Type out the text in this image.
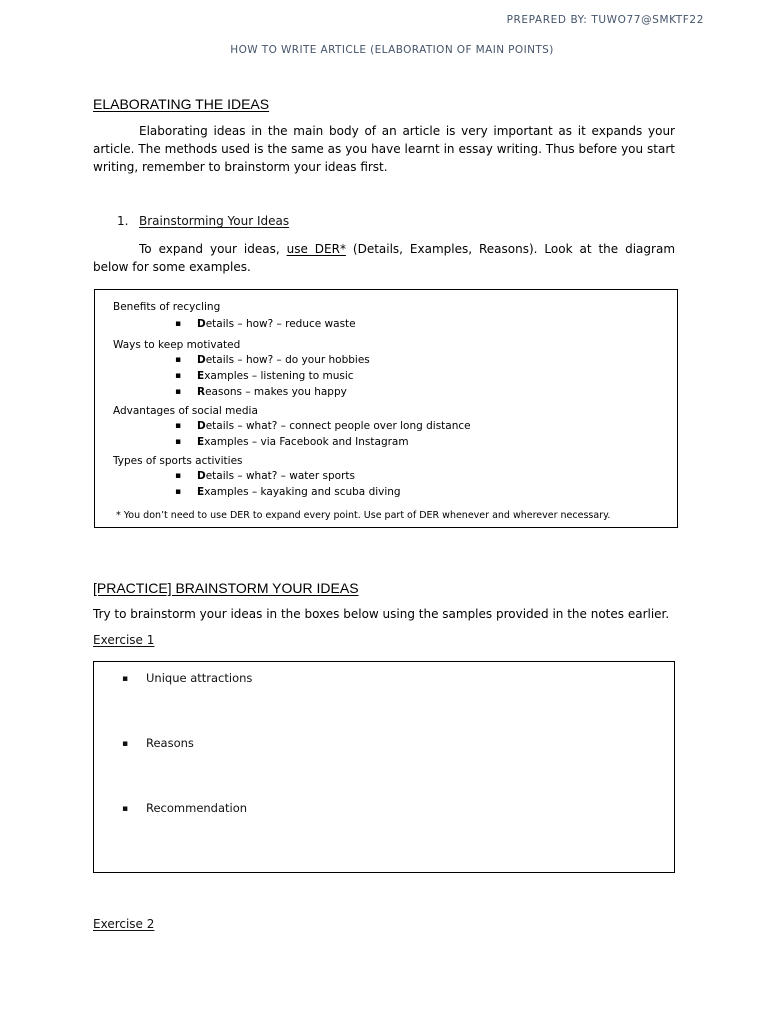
PREPARED BY: TUWO77@SMKTF22
HOW TO WRITE ARTICLE (ELABORATION OF MAIN POINTS)
ELABORATING THE IDEAS
Elaborating ideas in the main body of an article is very important as it expands your article. The methods used is the same as you have learnt in essay writing. Thus before you start writing, remember to brainstorm your ideas first.
1. Brainstorming Your Ideas
To expand your ideas, use DER* (Details, Examples, Reasons). Look at the diagram below for some examples.
Benefits of recycling
▪ Details – how? – reduce waste
Ways to keep motivated
▪ Details – how? – do your hobbies
▪ Examples – listening to music
▪ Reasons – makes you happy
Advantages of social media
▪ Details – what? – connect people over long distance
▪ Examples – via Facebook and Instagram
Types of sports activities
▪ Details – what? – water sports
▪ Examples – kayaking and scuba diving
* You don’t need to use DER to expand every point. Use part of DER whenever and wherever necessary.
[PRACTICE] BRAINSTORM YOUR IDEAS
Try to brainstorm your ideas in the boxes below using the samples provided in the notes earlier.
Exercise 1
▪ Unique attractions
▪ Reasons
▪ Recommendation
Exercise 2
